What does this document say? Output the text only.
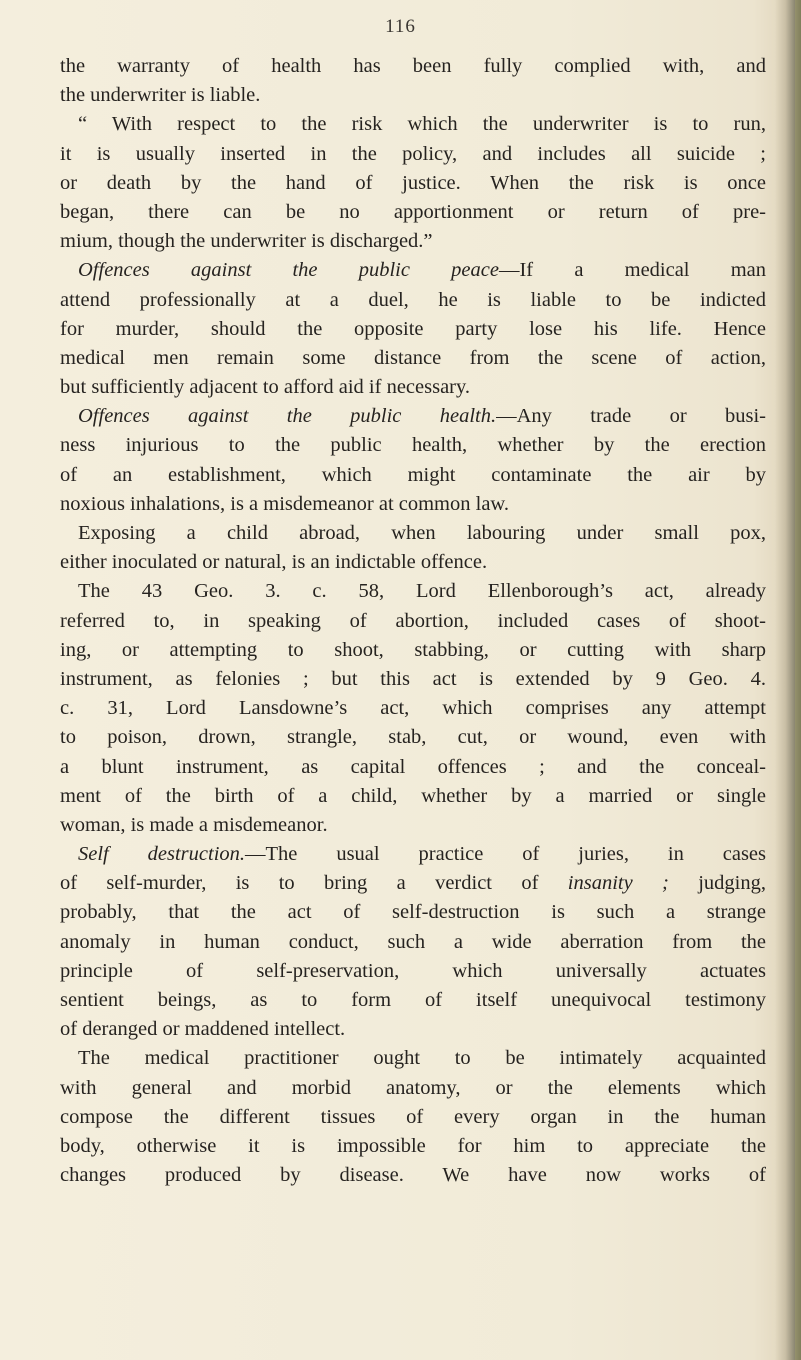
116
the warranty of health has been fully complied with, and
the underwriter is liable.
“ With respect to the risk which the underwriter is to run,
it is usually inserted in the policy, and includes all suicide ;
or death by the hand of justice. When the risk is once
began, there can be no apportionment or return of pre-
mium, though the underwriter is discharged.”
Offences against the public peace—If a medical man
attend professionally at a duel, he is liable to be indicted
for murder, should the opposite party lose his life. Hence
medical men remain some distance from the scene of action,
but sufficiently adjacent to afford aid if necessary.
Offences against the public health.—Any trade or busi-
ness injurious to the public health, whether by the erection
of an establishment, which might contaminate the air by
noxious inhalations, is a misdemeanor at common law.
Exposing a child abroad, when labouring under small pox,
either inoculated or natural, is an indictable offence.
The 43 Geo. 3. c. 58, Lord Ellenborough’s act, already
referred to, in speaking of abortion, included cases of shoot-
ing, or attempting to shoot, stabbing, or cutting with sharp
instrument, as felonies ; but this act is extended by 9 Geo. 4.
c. 31, Lord Lansdowne’s act, which comprises any attempt
to poison, drown, strangle, stab, cut, or wound, even with
a blunt instrument, as capital offences ; and the conceal-
ment of the birth of a child, whether by a married or single
woman, is made a misdemeanor.
Self destruction.—The usual practice of juries, in cases
of self-murder, is to bring a verdict of insanity ; judging,
probably, that the act of self-destruction is such a strange
anomaly in human conduct, such a wide aberration from the
principle of self-preservation, which universally actuates
sentient beings, as to form of itself unequivocal testimony
of deranged or maddened intellect.
The medical practitioner ought to be intimately acquainted
with general and morbid anatomy, or the elements which
compose the different tissues of every organ in the human
body, otherwise it is impossible for him to appreciate the
changes produced by disease. We have now works of
